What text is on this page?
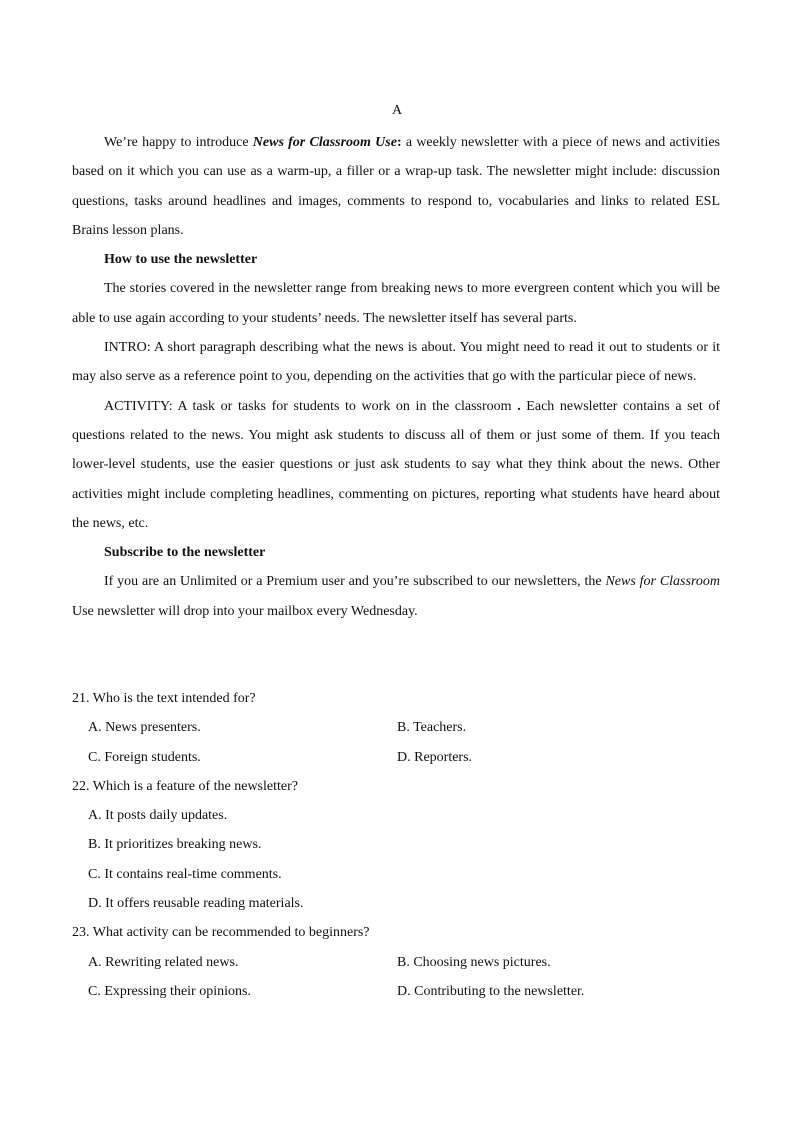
A

We’re happy to introduce News for Classroom Use: a weekly newsletter with a piece of news and activities based on it which you can use as a warm-up, a filler or a wrap-up task. The newsletter might include: discussion questions, tasks around headlines and images, comments to respond to, vocabularies and links to related ESL Brains lesson plans.

How to use the newsletter

The stories covered in the newsletter range from breaking news to more evergreen content which you will be able to use again according to your students’ needs. The newsletter itself has several parts.

INTRO: A short paragraph describing what the news is about. You might need to read it out to students or it may also serve as a reference point to you, depending on the activities that go with the particular piece of news.

ACTIVITY: A task or tasks for students to work on in the classroom . Each newsletter contains a set of questions related to the news. You might ask students to discuss all of them or just some of them. If you teach lower-level students, use the easier questions or just ask students to say what they think about the news. Other activities might include completing headlines, commenting on pictures, reporting what students have heard about the news, etc.

Subscribe to the newsletter

If you are an Unlimited or a Premium user and you’re subscribed to our newsletters, the News for Classroom Use newsletter will drop into your mailbox every Wednesday.

21. Who is the text intended for?

A. News presenters.	B. Teachers.
C. Foreign students.	D. Reporters.

22. Which is a feature of the newsletter?

A. It posts daily updates.
B. It prioritizes breaking news.
C. It contains real-time comments.
D. It offers reusable reading materials.

23. What activity can be recommended to beginners?

A. Rewriting related news.	B. Choosing news pictures.
C. Expressing their opinions.	D. Contributing to the newsletter.
